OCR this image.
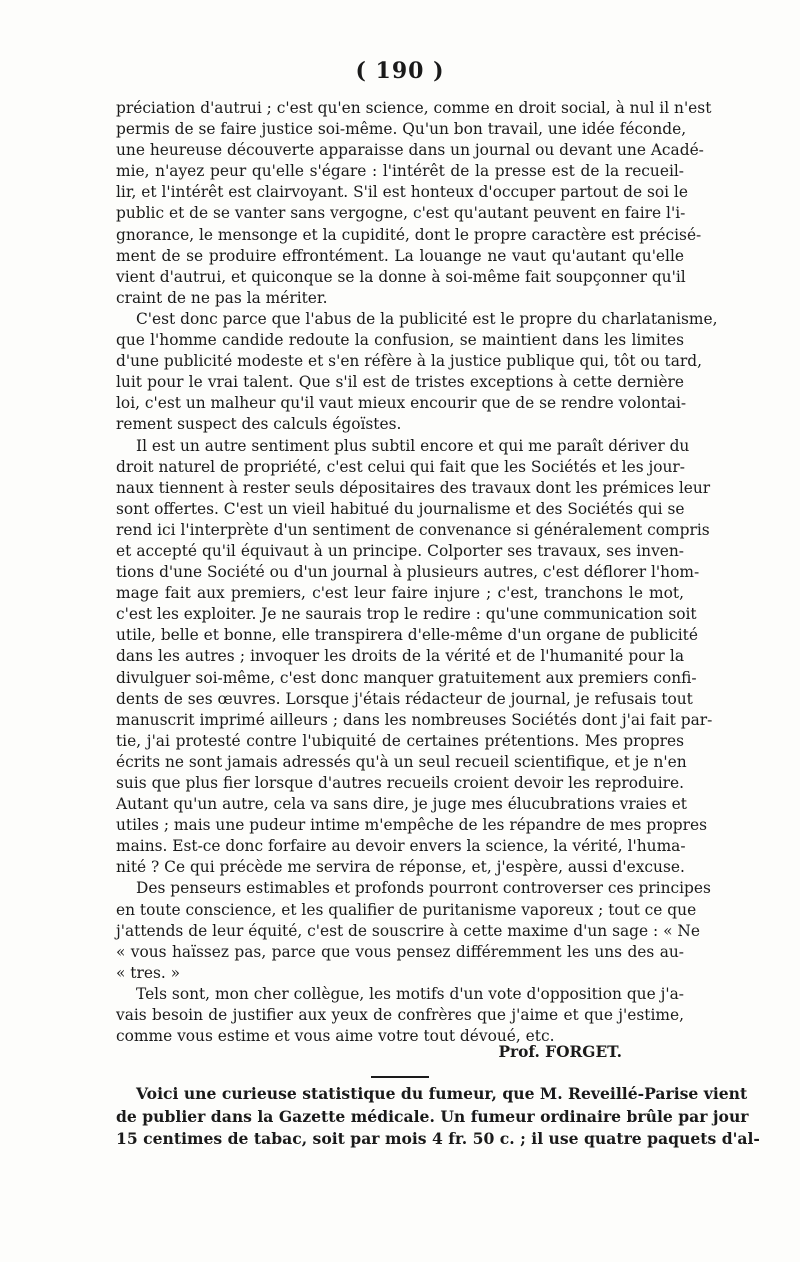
( 190 )
préciation d'autrui ; c'est qu'en science, comme en droit social, à nul il n'est
permis de se faire justice soi-même. Qu'un bon travail, une idée féconde,
une heureuse découverte apparaisse dans un journal ou devant une Acadé-
mie, n'ayez peur qu'elle s'égare : l'intérêt de la presse est de la recueil-
lir, et l'intérêt est clairvoyant. S'il est honteux d'occuper partout de soi le
public et de se vanter sans vergogne, c'est qu'autant peuvent en faire l'i-
gnorance, le mensonge et la cupidité, dont le propre caractère est précisé-
ment de se produire effrontément. La louange ne vaut qu'autant qu'elle
vient d'autrui, et quiconque se la donne à soi-même fait soupçonner qu'il
craint de ne pas la mériter.
C'est donc parce que l'abus de la publicité est le propre du charlatanisme,
que l'homme candide redoute la confusion, se maintient dans les limites
d'une publicité modeste et s'en réfère à la justice publique qui, tôt ou tard,
luit pour le vrai talent. Que s'il est de tristes exceptions à cette dernière
loi, c'est un malheur qu'il vaut mieux encourir que de se rendre volontai-
rement suspect des calculs égoïstes.
Il est un autre sentiment plus subtil encore et qui me paraît dériver du
droit naturel de propriété, c'est celui qui fait que les Sociétés et les jour-
naux tiennent à rester seuls dépositaires des travaux dont les prémices leur
sont offertes. C'est un vieil habitué du journalisme et des Sociétés qui se
rend ici l'interprète d'un sentiment de convenance si généralement compris
et accepté qu'il équivaut à un principe. Colporter ses travaux, ses inven-
tions d'une Société ou d'un journal à plusieurs autres, c'est déflorer l'hom-
mage fait aux premiers, c'est leur faire injure ; c'est, tranchons le mot,
c'est les exploiter. Je ne saurais trop le redire : qu'une communication soit
utile, belle et bonne, elle transpirera d'elle-même d'un organe de publicité
dans les autres ; invoquer les droits de la vérité et de l'humanité pour la
divulguer soi-même, c'est donc manquer gratuitement aux premiers confi-
dents de ses œuvres. Lorsque j'étais rédacteur de journal, je refusais tout
manuscrit imprimé ailleurs ; dans les nombreuses Sociétés dont j'ai fait par-
tie, j'ai protesté contre l'ubiquité de certaines prétentions. Mes propres
écrits ne sont jamais adressés qu'à un seul recueil scientifique, et je n'en
suis que plus fier lorsque d'autres recueils croient devoir les reproduire.
Autant qu'un autre, cela va sans dire, je juge mes élucubrations vraies et
utiles ; mais une pudeur intime m'empêche de les répandre de mes propres
mains. Est-ce donc forfaire au devoir envers la science, la vérité, l'huma-
nité ? Ce qui précède me servira de réponse, et, j'espère, aussi d'excuse.
Des penseurs estimables et profonds pourront controverser ces principes
en toute conscience, et les qualifier de puritanisme vaporeux ; tout ce que
j'attends de leur équité, c'est de souscrire à cette maxime d'un sage : « Ne
« vous haïssez pas, parce que vous pensez différemment les uns des au-
« tres. »
Tels sont, mon cher collègue, les motifs d'un vote d'opposition que j'a-
vais besoin de justifier aux yeux de confrères que j'aime et que j'estime,
comme vous estime et vous aime votre tout dévoué, etc.
Prof. FORGET.
Voici une curieuse statistique du fumeur, que M. Reveillé-Parise vient
de publier dans la Gazette médicale. Un fumeur ordinaire brûle par jour
15 centimes de tabac, soit par mois 4 fr. 50 c. ; il use quatre paquets d'al-
